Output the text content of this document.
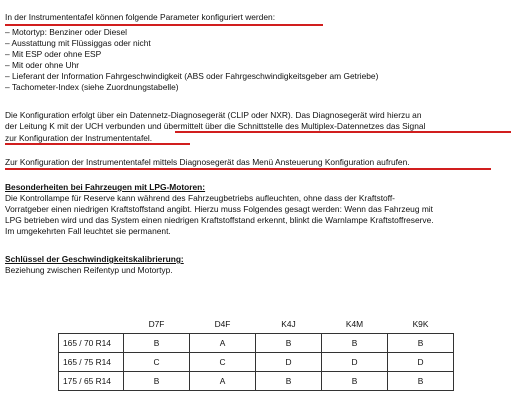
In der Instrumententafel können folgende Parameter konfiguriert werden:

– Motortyp: Benziner oder Diesel

– Ausstattung mit Flüssiggas oder nicht

– Mit ESP oder ohne ESP

– Mit oder ohne Uhr

– Lieferant der Information Fahrgeschwindigkeit (ABS oder Fahrgeschwindigkeitsgeber am Getriebe)

– Tachometer-Index (siehe Zuordnungstabelle)

Die Konfiguration erfolgt über ein Datennetz-Diagnosegerät (CLIP oder NXR). Das Diagnosegerät wird hierzu an

der Leitung K mit der UCH verbunden und übermittelt über die Schnittstelle des Multiplex-Datennetzes das Signal

zur Konfiguration der Instrumententafel.

Zur Konfiguration der Instrumententafel mittels Diagnosegerät das Menü Ansteuerung Konfiguration aufrufen.

Besonderheiten bei Fahrzeugen mit LPG-Motoren:

Die Kontrollampe für Reserve kann während des Fahrzeugbetriebs aufleuchten, ohne dass der Kraftstoff-

Vorratgeber einen niedrigen Kraftstoffstand angibt. Hierzu muss Folgendes gesagt werden: Wenn das Fahrzeug mit

LPG betrieben wird und das System einen niedrigen Kraftstoffstand erkennt, blinkt die Warnlampe Kraftstoffreserve.

Im umgekehrten Fall leuchtet sie permanent.

Schlüssel der Geschwindigkeitskalibrierung:

Beziehung zwischen Reifentyp und Motortyp.

	D7F	D4F	K4J	K4M	K9K
165 / 70 R14	B	A	B	B	B
165 / 75 R14	C	C	D	D	D
175 / 65 R14	B	A	B	B	B
